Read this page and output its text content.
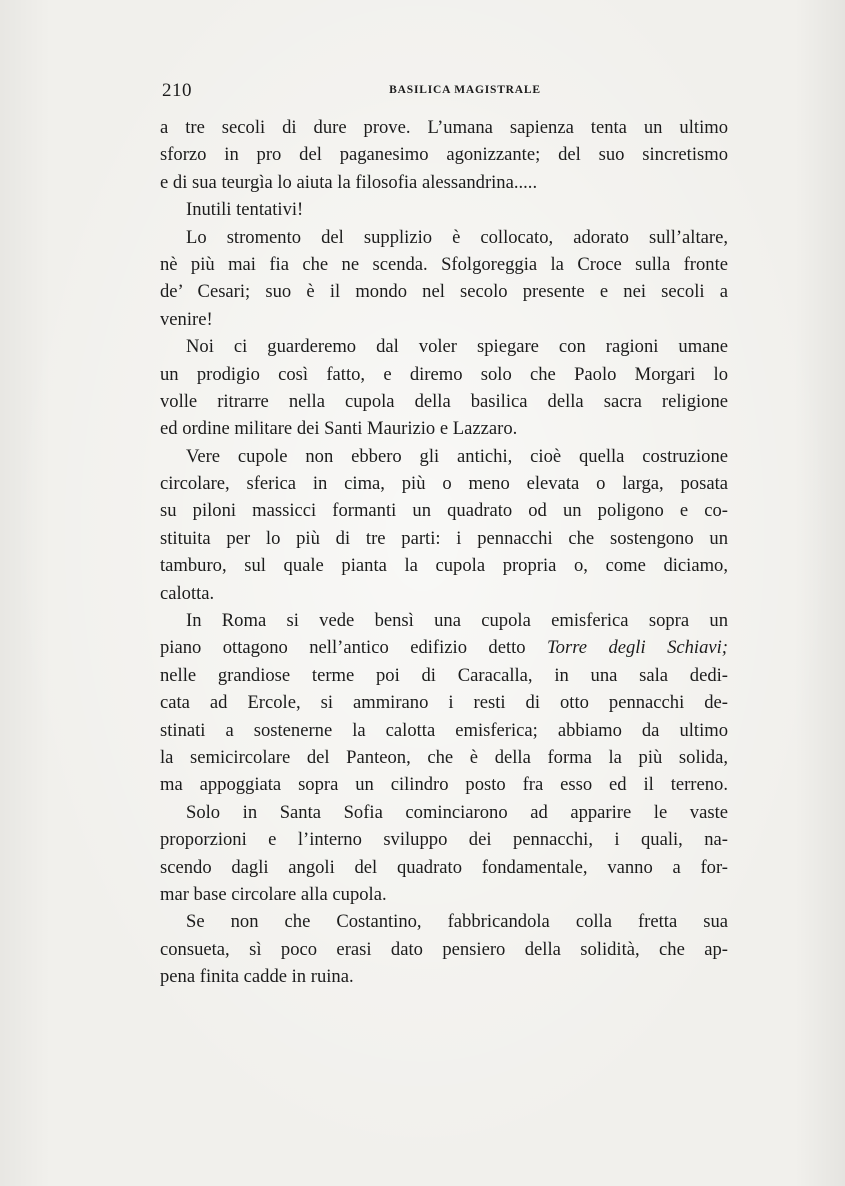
210	BASILICA MAGISTRALE
a tre secoli di dure prove. L’umana sapienza tenta un ultimo
sforzo in pro del paganesimo agonizzante; del suo sincretismo
e di sua teurgìa lo aiuta la filosofia alessandrina.....
Inutili tentativi!
Lo stromento del supplizio è collocato, adorato sull’altare,
nè più mai fia che ne scenda. Sfolgoreggia la Croce sulla fronte
de’ Cesari; suo è il mondo nel secolo presente e nei secoli a
venire!
Noi ci guarderemo dal voler spiegare con ragioni umane
un prodigio così fatto, e diremo solo che Paolo Morgari lo
volle ritrarre nella cupola della basilica della sacra religione
ed ordine militare dei Santi Maurizio e Lazzaro.
Vere cupole non ebbero gli antichi, cioè quella costruzione
circolare, sferica in cima, più o meno elevata o larga, posata
su piloni massicci formanti un quadrato od un poligono e co-
stituita per lo più di tre parti: i pennacchi che sostengono un
tamburo, sul quale pianta la cupola propria o, come diciamo,
calotta.
In Roma si vede bensì una cupola emisferica sopra un
piano ottagono nell’antico edifizio detto Torre degli Schiavi;
nelle grandiose terme poi di Caracalla, in una sala dedi-
cata ad Ercole, si ammirano i resti di otto pennacchi de-
stinati a sostenerne la calotta emisferica; abbiamo da ultimo
la semicircolare del Panteon, che è della forma la più solida,
ma appoggiata sopra un cilindro posto fra esso ed il terreno.
Solo in Santa Sofia cominciarono ad apparire le vaste
proporzioni e l’interno sviluppo dei pennacchi, i quali, na-
scendo dagli angoli del quadrato fondamentale, vanno a for-
mar base circolare alla cupola.
Se non che Costantino, fabbricandola colla fretta sua
consueta, sì poco erasi dato pensiero della solidità, che ap-
pena finita cadde in ruina.
